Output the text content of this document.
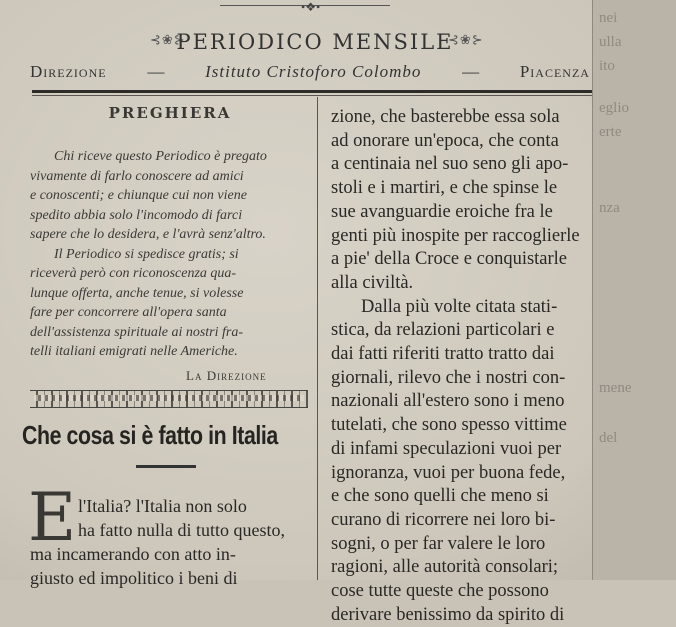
nei
ulla
ito
eglio
erte
nza
mene
del
•❖•
⊰❀⊱
PERIODICO MENSILE
⊰❀⊱
Direzione — Istituto Cristoforo Colombo — Piacenza
PREGHIERA
Chi riceve questo Periodico è pregato
vivamente di farlo conoscere ad amici
e conoscenti; e chiunque cui non viene
spedito abbia solo l'incomodo di farci
sapere che lo desidera, e l'avrà senz'altro.
Il Periodico si spedisce gratis; si
riceverà però con riconoscenza qua-
lunque offerta, anche tenue, si volesse
fare per concorrere all'opera santa
dell'assistenza spirituale ai nostri fra-
telli italiani emigrati nelle Americhe.
La Direzione
Che cosa si è fatto in Italia
E l'Italia? l'Italia non solo
ha fatto nulla di tutto questo,
ma incamerando con atto in-
giusto ed impolitico i beni di
zione, che basterebbe essa sola
ad onorare un'epoca, che conta
a centinaia nel suo seno gli apo-
stoli e i martiri, e che spinse le
sue avanguardie eroiche fra le
genti più inospite per raccoglierle
a pie' della Croce e conquistarle
alla civiltà.
Dalla più volte citata stati-
stica, da relazioni particolari e
dai fatti riferiti tratto tratto dai
giornali, rilevo che i nostri con-
nazionali all'estero sono i meno
tutelati, che sono spesso vittime
di infami speculazioni vuoi per
ignoranza, vuoi per buona fede,
e che sono quelli che meno si
curano di ricorrere nei loro bi-
sogni, o per far valere le loro
ragioni, alle autorità consolari;
cose tutte queste che possono
derivare benissimo da spirito di
